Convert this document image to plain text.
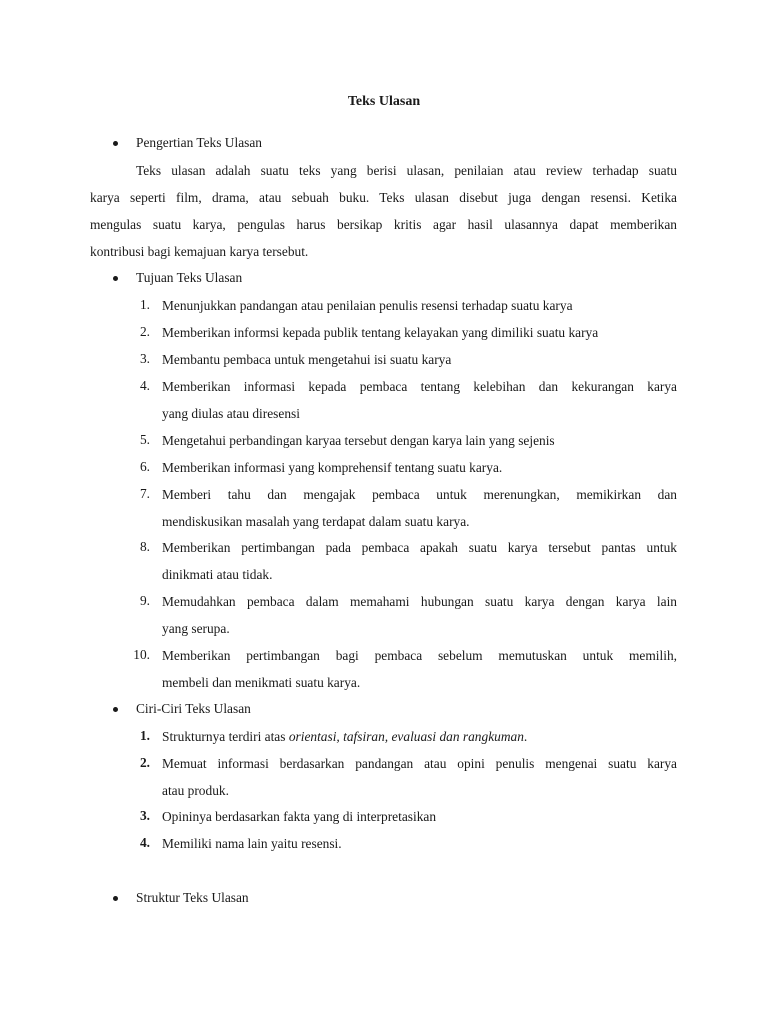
Teks Ulasan
Pengertian Teks Ulasan
Teks ulasan adalah suatu teks yang berisi ulasan, penilaian atau review terhadap suatu
karya seperti film, drama, atau sebuah buku. Teks ulasan disebut juga dengan resensi. Ketika
mengulas suatu karya, pengulas harus bersikap kritis agar hasil ulasannya dapat memberikan
kontribusi bagi kemajuan karya tersebut.
Tujuan Teks Ulasan
1. Menunjukkan pandangan atau penilaian penulis resensi terhadap suatu karya
2. Memberikan informsi kepada publik tentang kelayakan yang dimiliki suatu karya
3. Membantu pembaca untuk mengetahui isi suatu karya
4. Memberikan informasi kepada pembaca tentang kelebihan dan kekurangan karya
yang diulas atau diresensi
5. Mengetahui perbandingan karyaa tersebut dengan karya lain yang sejenis
6. Memberikan informasi yang komprehensif tentang suatu karya.
7. Memberi tahu dan mengajak pembaca untuk merenungkan, memikirkan dan
mendiskusikan masalah yang terdapat dalam suatu karya.
8. Memberikan pertimbangan pada pembaca apakah suatu karya tersebut pantas untuk
dinikmati atau tidak.
9. Memudahkan pembaca dalam memahami hubungan suatu karya dengan karya lain
yang serupa.
10. Memberikan pertimbangan bagi pembaca sebelum memutuskan untuk memilih,
membeli dan menikmati suatu karya.
Ciri-Ciri Teks Ulasan
1. Strukturnya terdiri atas orientasi, tafsiran, evaluasi dan rangkuman.
2. Memuat informasi berdasarkan pandangan atau opini penulis mengenai suatu karya
atau produk.
3. Opininya berdasarkan fakta yang di interpretasikan
4. Memiliki nama lain yaitu resensi.
Struktur Teks Ulasan
